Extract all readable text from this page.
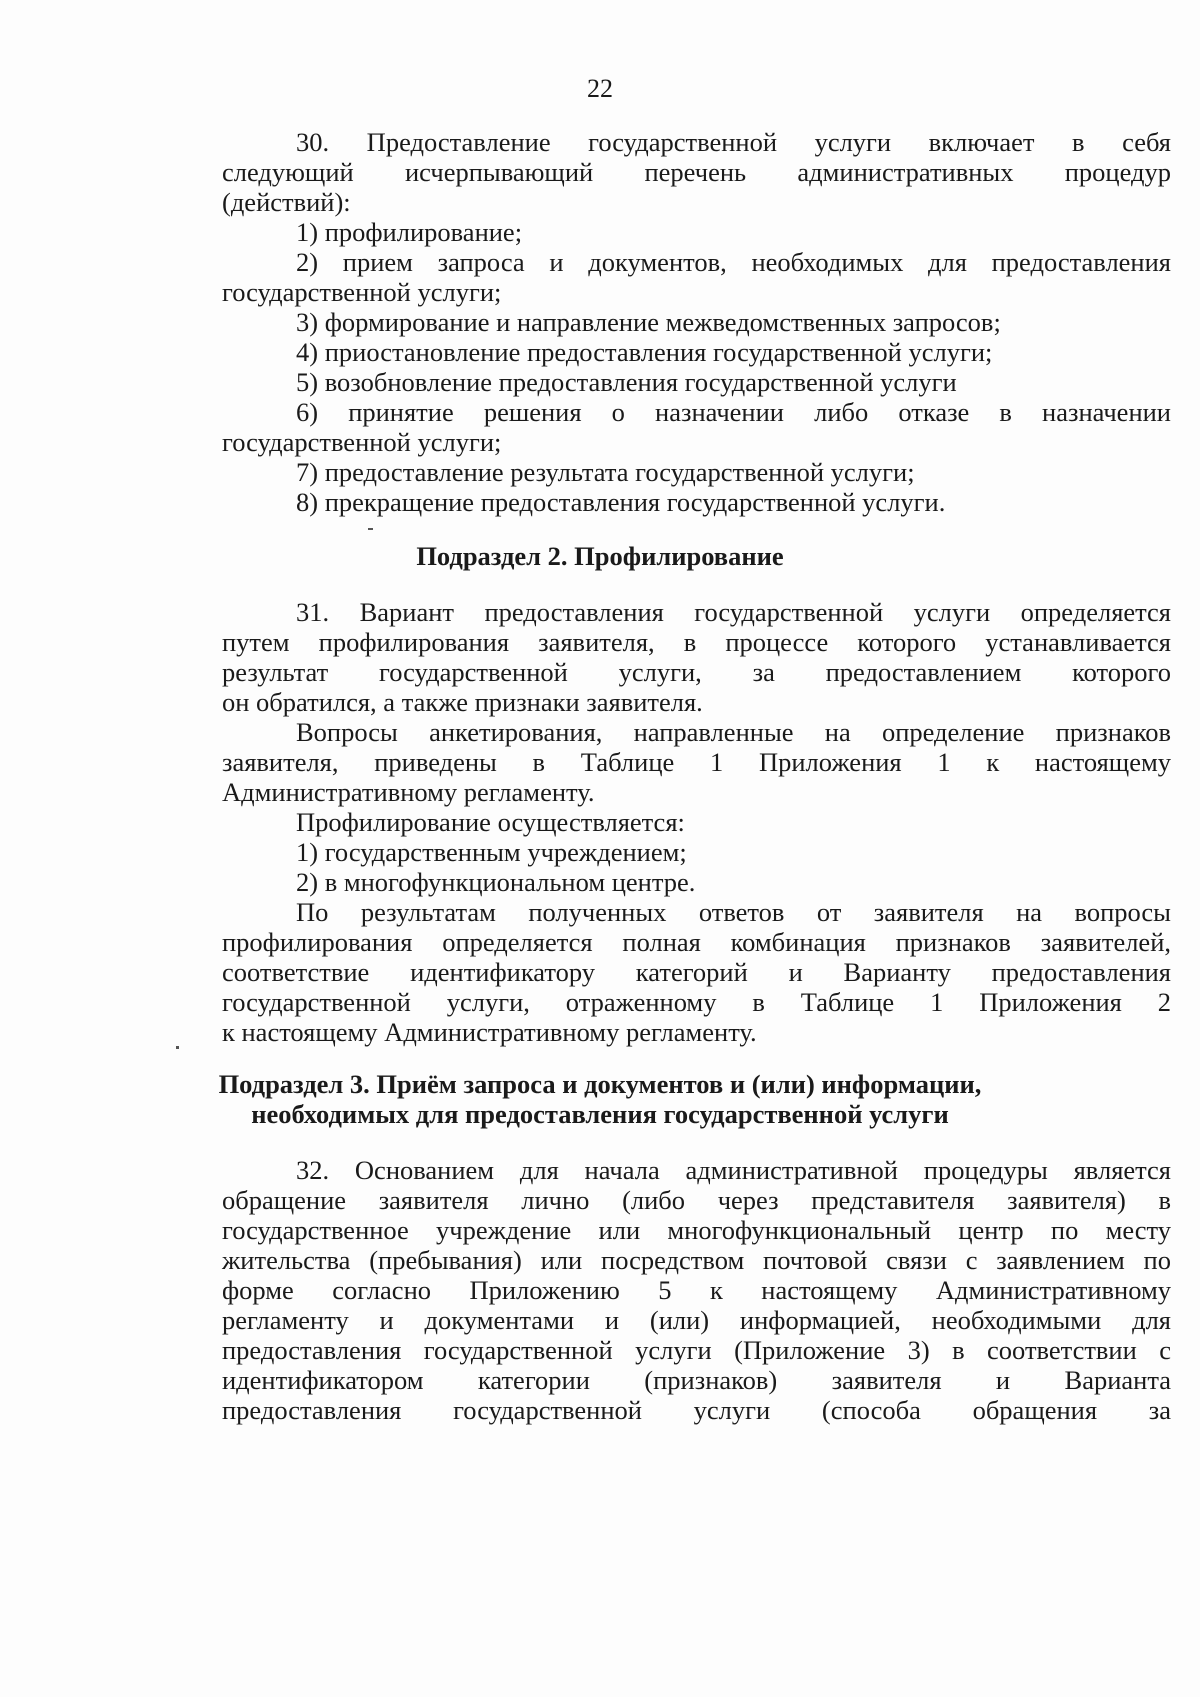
22
30. Предоставление государственной услуги включает в себя
следующий исчерпывающий перечень административных процедур
(действий):
1) профилирование;
2) прием запроса и документов, необходимых для предоставления
государственной услуги;
3) формирование и направление межведомственных запросов;
4) приостановление предоставления государственной услуги;
5) возобновление предоставления государственной услуги
6) принятие решения о назначении либо отказе в назначении
государственной услуги;
7) предоставление результата государственной услуги;
8) прекращение предоставления государственной услуги.
Подраздел 2. Профилирование
31. Вариант предоставления государственной услуги определяется
путем профилирования заявителя, в процессе которого устанавливается
результат государственной услуги, за предоставлением которого
он обратился, а также признаки заявителя.
Вопросы анкетирования, направленные на определение признаков
заявителя, приведены в Таблице 1 Приложения 1 к настоящему
Административному регламенту.
Профилирование осуществляется:
1) государственным учреждением;
2) в многофункциональном центре.
По результатам полученных ответов от заявителя на вопросы
профилирования определяется полная комбинация признаков заявителей,
соответствие идентификатору категорий и Варианту предоставления
государственной услуги, отраженному в Таблице 1 Приложения 2
к настоящему Административному регламенту.
Подраздел 3. Приём запроса и документов и (или) информации,
необходимых для предоставления государственной услуги
32. Основанием для начала административной процедуры является
обращение заявителя лично (либо через представителя заявителя) в
государственное учреждение или многофункциональный центр по месту
жительства (пребывания) или посредством почтовой связи с заявлением по
форме согласно Приложению 5 к настоящему Административному
регламенту и документами и (или) информацией, необходимыми для
предоставления государственной услуги (Приложение 3) в соответствии с
идентификатором категории (признаков) заявителя и Варианта
предоставления государственной услуги (способа обращения за
